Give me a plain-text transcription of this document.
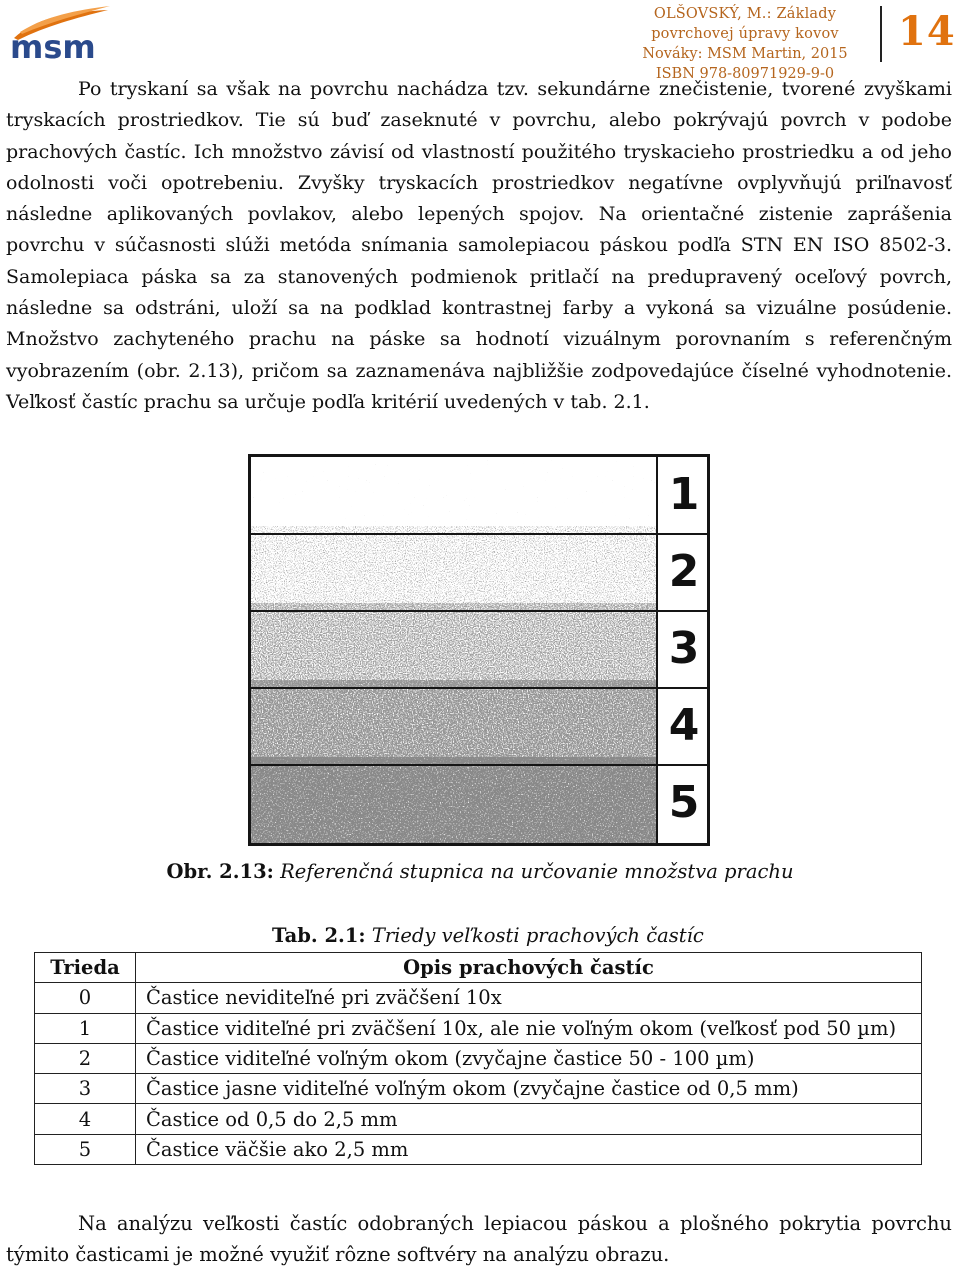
msm
OLŠOVSKÝ, M.: Základy povrchovej úpravy kovov
Nováky: MSM Martin, 2015
ISBN 978-80971929-9-0
14

Po tryskaní sa však na povrchu nachádza tzv. sekundárne znečistenie, tvorené zvyškami tryskacích prostriedkov. Tie sú buď zaseknuté v povrchu, alebo pokrývajú povrch v podobe prachových častíc. Ich množstvo závisí od vlastností použitého tryskacieho prostriedku a od jeho odolnosti voči opotrebeniu. Zvyšky tryskacích prostriedkov negatívne ovplyvňujú priľnavosť následne aplikovaných povlakov, alebo lepených spojov. Na orientačné zistenie zaprášenia povrchu v súčasnosti slúži metóda snímania samolepiacou páskou podľa STN EN ISO 8502-3. Samolepiaca páska sa za stanovených podmienok pritlačí na predupravený oceľový povrch, následne sa odstráni, uloží sa na podklad kontrastnej farby a vykoná sa vizuálne posúdenie. Množstvo zachyteného prachu na páske sa hodnotí vizuálnym porovnaním s referenčným vyobrazením (obr. 2.13), pričom sa zaznamenáva najbližšie zodpovedajúce číselné vyhodnotenie. Veľkosť častíc prachu sa určuje podľa kritérií uvedených v tab. 2.1.

1
2
3
4
5
Obr. 2.13: Referenčná stupnica na určovanie množstva prachu
Tab. 2.1: Triedy veľkosti prachových častíc
Trieda	Opis prachových častíc
0	Častice neviditeľné pri zväčšení 10x
1	Častice viditeľné pri zväčšení 10x, ale nie voľným okom (veľkosť pod 50 µm)
2	Častice viditeľné voľným okom (zvyčajne častice 50 - 100 µm)
3	Častice jasne viditeľné voľným okom (zvyčajne častice od 0,5 mm)
4	Častice od 0,5 do 2,5 mm
5	Častice väčšie ako 2,5 mm

Na analýzu veľkosti častíc odobraných lepiacou páskou a plošného pokrytia povrchu týmito časticami je možné využiť rôzne softvéry na analýzu obrazu.
